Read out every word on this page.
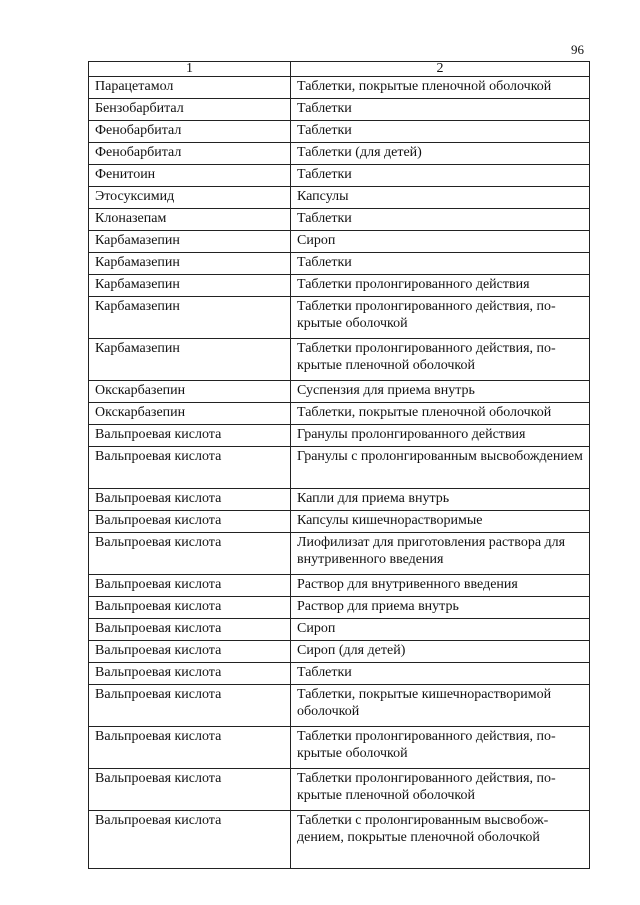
96
1	2
Парацетамол	Таблетки, покрытые пленочной оболочкой
Бензобарбитал	Таблетки
Фенобарбитал	Таблетки
Фенобарбитал	Таблетки (для детей)
Фенитоин	Таблетки
Этосуксимид	Капсулы
Клоназепам	Таблетки
Карбамазепин	Сироп
Карбамазепин	Таблетки
Карбамазепин	Таблетки пролонгированного действия
Карбамазепин	Таблетки пролонгированного действия, покрытые оболочкой
Карбамазепин	Таблетки пролонгированного действия, покрытые пленочной оболочкой
Окскарбазепин	Суспензия для приема внутрь
Окскарбазепин	Таблетки, покрытые пленочной оболочкой
Вальпроевая кислота	Гранулы пролонгированного действия
Вальпроевая кислота	Гранулы с пролонгированным высвобождением
Вальпроевая кислота	Капли для приема внутрь
Вальпроевая кислота	Капсулы кишечнорастворимые
Вальпроевая кислота	Лиофилизат для приготовления раствора для внутривенного введения
Вальпроевая кислота	Раствор для внутривенного введения
Вальпроевая кислота	Раствор для приема внутрь
Вальпроевая кислота	Сироп
Вальпроевая кислота	Сироп (для детей)
Вальпроевая кислота	Таблетки
Вальпроевая кислота	Таблетки, покрытые кишечнорастворимой оболочкой
Вальпроевая кислота	Таблетки пролонгированного действия, покрытые оболочкой
Вальпроевая кислота	Таблетки пролонгированного действия, покрытые пленочной оболочкой
Вальпроевая кислота	Таблетки с пролонгированным высвобождением, покрытые пленочной оболочкой
